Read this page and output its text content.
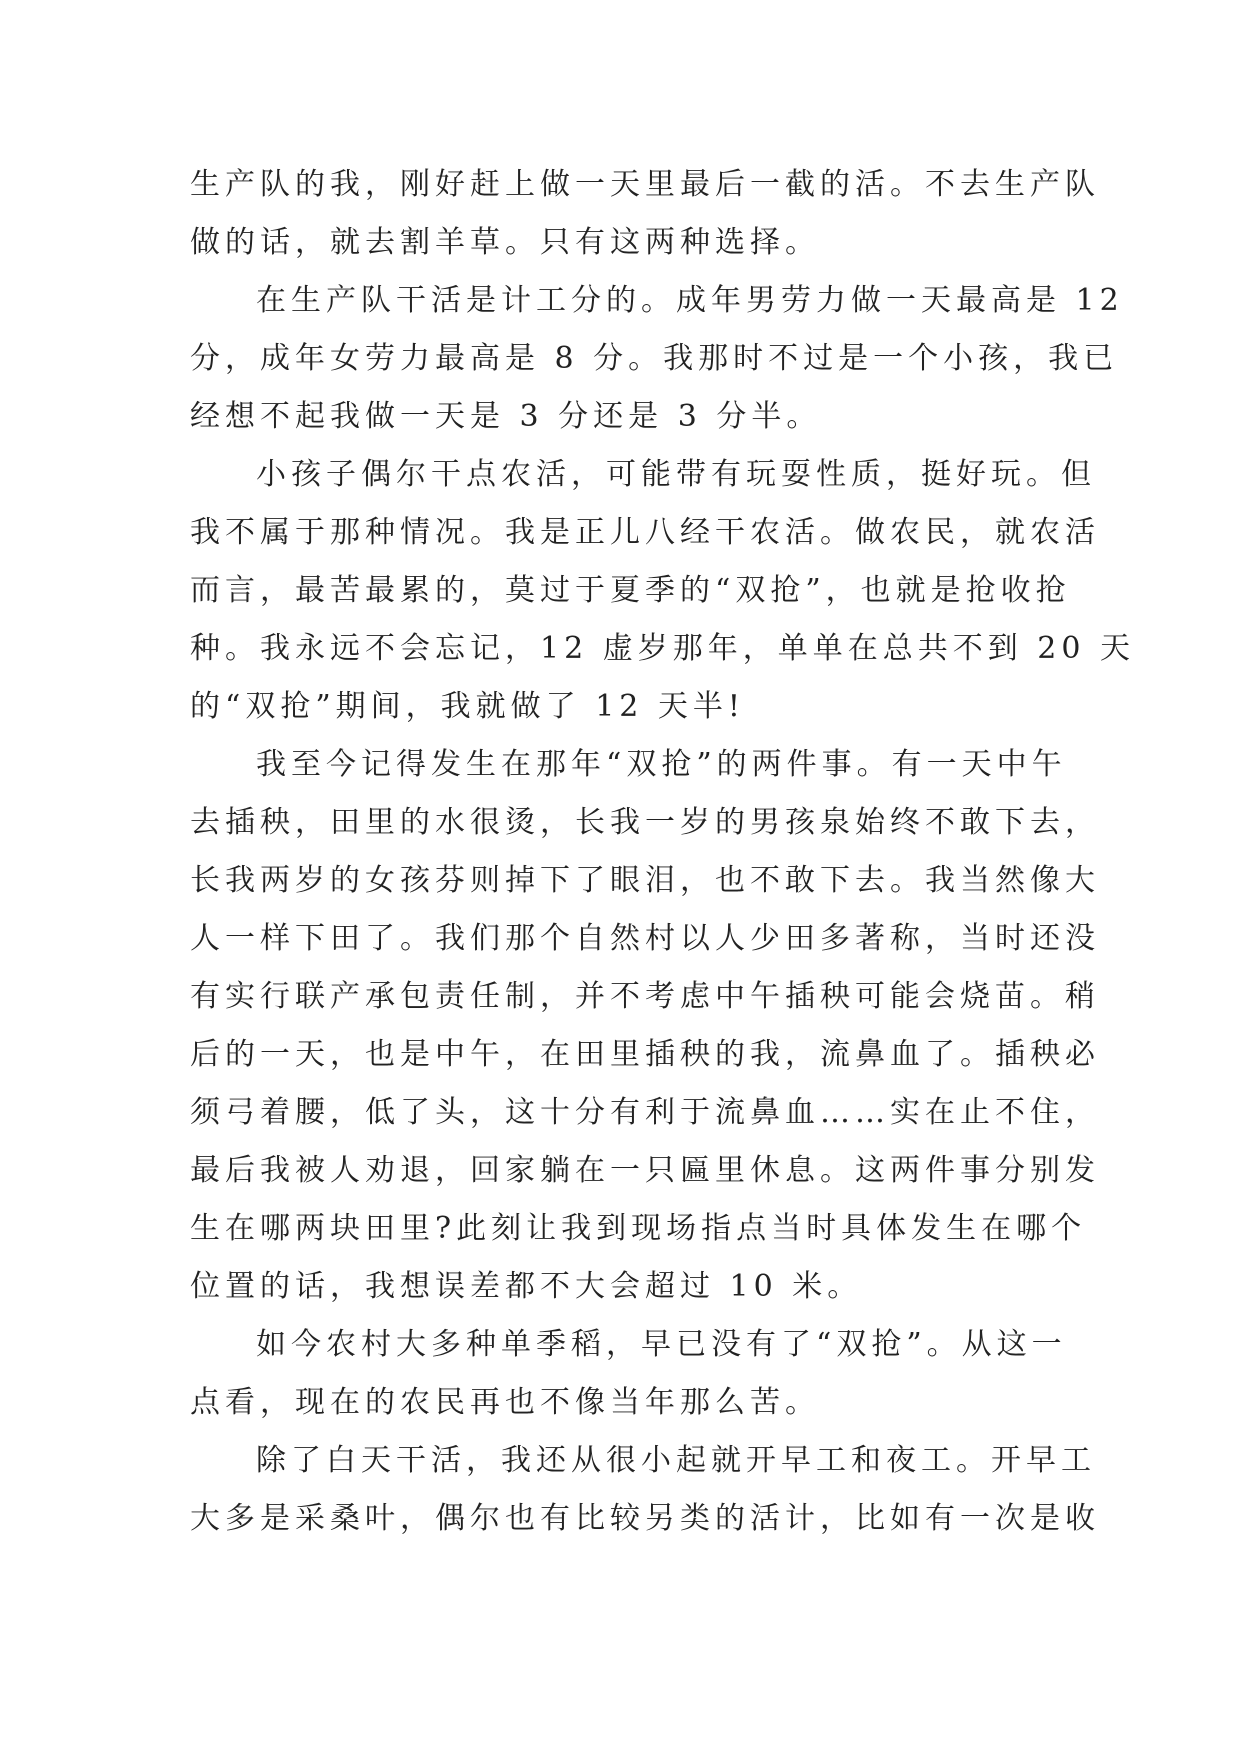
生产队的我，刚好赶上做一天里最后一截的活。不去生产队
做的话，就去割羊草。只有这两种选择。
在生产队干活是计工分的。成年男劳力做一天最高是 12
分，成年女劳力最高是 8 分。我那时不过是一个小孩，我已
经想不起我做一天是 3 分还是 3 分半。
小孩子偶尔干点农活，可能带有玩耍性质，挺好玩。但
我不属于那种情况。我是正儿八经干农活。做农民，就农活
而言，最苦最累的，莫过于夏季的“双抢”，也就是抢收抢
种。我永远不会忘记，12 虚岁那年，单单在总共不到 20 天
的“双抢”期间，我就做了 12 天半!
我至今记得发生在那年“双抢”的两件事。有一天中午
去插秧，田里的水很烫，长我一岁的男孩泉始终不敢下去，
长我两岁的女孩芬则掉下了眼泪，也不敢下去。我当然像大
人一样下田了。我们那个自然村以人少田多著称，当时还没
有实行联产承包责任制，并不考虑中午插秧可能会烧苗。稍
后的一天，也是中午，在田里插秧的我，流鼻血了。插秧必
须弓着腰，低了头，这十分有利于流鼻血……实在止不住，
最后我被人劝退，回家躺在一只匾里休息。这两件事分别发
生在哪两块田里?此刻让我到现场指点当时具体发生在哪个
位置的话，我想误差都不大会超过 10 米。
如今农村大多种单季稻，早已没有了“双抢”。从这一
点看，现在的农民再也不像当年那么苦。
除了白天干活，我还从很小起就开早工和夜工。开早工
大多是采桑叶，偶尔也有比较另类的活计，比如有一次是收
